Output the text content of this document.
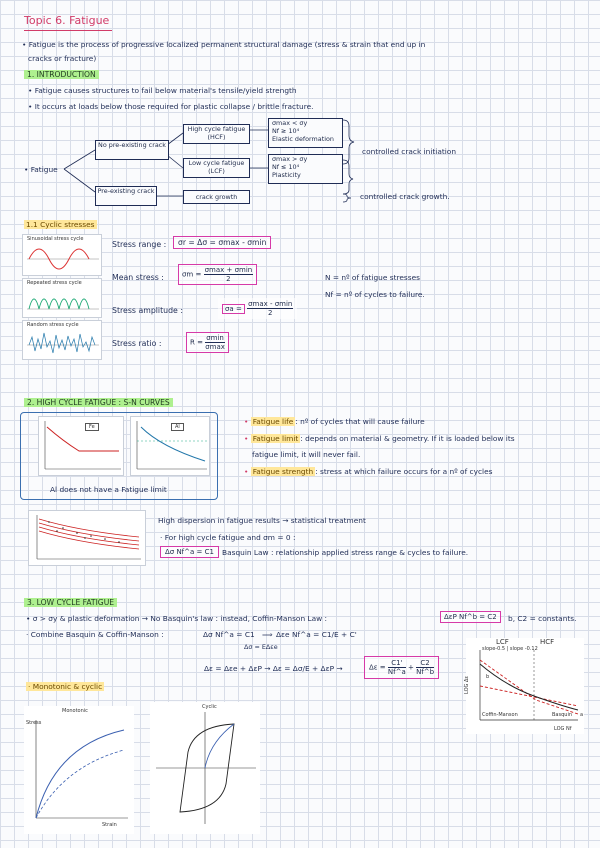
Topic 6. Fatigue
• Fatigue is the process of progressive localized permanent structural damage (stress & strain that end up in
cracks or fracture)
1. INTRODUCTION
• Fatigue causes structures to fail below material's tensile/yield strength
• It occurs at loads below those required for plastic collapse / brittle fracture.
• Fatigue
No pre-existing crack
Pre-existing crack
High cycle fatigue (HCF)
Low cycle fatigue (LCF)
crack growth
σmax < σy
Nf ≥ 10⁴
Elastic deformation
σmax > σy
Nf ≤ 10⁴
Plasticity
controlled crack initiation
controlled crack growth.
1.1 Cyclic stresses
Sinusoidal stress cycle
Repeated stress cycle
Random stress cycle
Stress range :	σr = Δσ = σmax - σmin
Mean stress :	$\sigma m = \frac{\sigma\max + \sigma\min}{2}$
Stress amplitude :	$\sigma a = \frac{\sigma\max - \sigma\min}{2}$
Stress ratio :	$R = \frac{\sigma\min}{\sigma\max}$
N = nº of fatigue stresses
Nf = nº of cycles to failure.
2. HIGH CYCLE FATIGUE : S-N CURVES
Fe	Al
Al does not have a Fatigue limit
• Fatigue life : nº of cycles that will cause failure
• Fatigue limit : depends on material & geometry. If it is loaded below its
fatigue limit, it will never fail.
• Fatigue strength : stress at which failure occurs for a nº of cycles
High dispersion in fatigue results → statistical treatment
· For high cycle fatigue and σm = 0 :
Δσ Nf^a = C1	Basquin Law : relationship applied stress range & cycles to failure.
3. LOW CYCLE FATIGUE
• σ > σy & plastic deformation → No Basquin's law : instead, Coffin-Manson Law :	ΔεP Nf^b = C2	b, C2 = constants.
· Combine Basquin & Coffin-Manson :	Δσ Nf^a = C1 ⟹ Δεe Nf^a = C1/E + C'
Δσ = EΔεe
Δε = Δεe + ΔεP → Δε = Δσ/E + ΔεP →	$\Delta\varepsilon = \frac{C1'}{Nf\^{}a} + \frac{C2}{Nf\^{}b}$
· Monotonic & cyclic
LCF	HCF
slope-0.5 | slope -0.12
LOG Δε
LOG Nf
Coffin-Manson	Basquin
b
a
Monotonic
Stress
Strain
Cyclic
